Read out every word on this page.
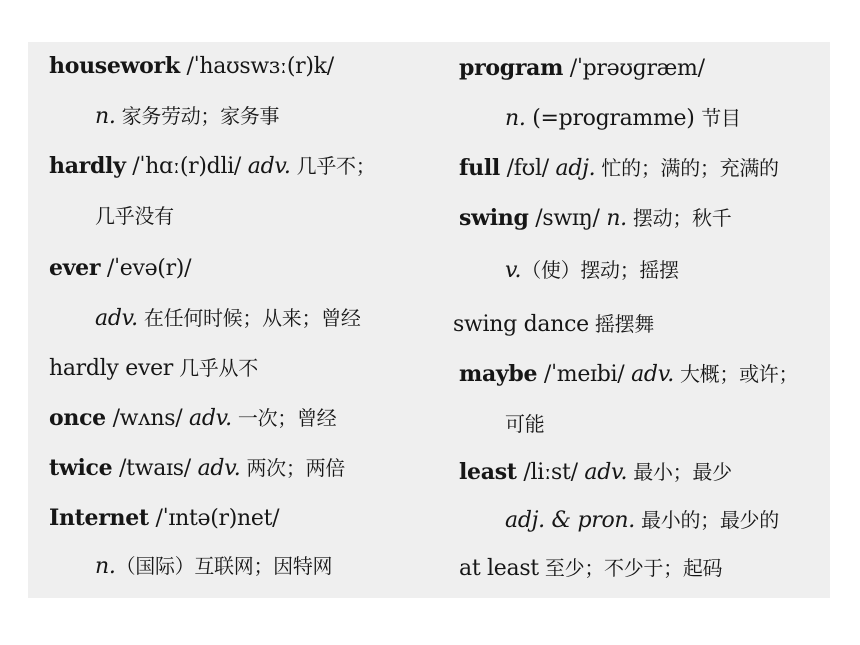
housework /ˈhaʊswɜː(r)k/
n. 家务劳动；家务事
hardly /ˈhɑː(r)dli/ adv. 几乎不；
几乎没有
ever /ˈevə(r)/
adv. 在任何时候；从来；曾经
hardly ever 几乎从不
once /wʌns/ adv. 一次；曾经
twice /twaɪs/ adv. 两次；两倍
Internet /ˈɪntə(r)net/
n.（国际）互联网；因特网
program /ˈprəʊɡræm/
n. (=programme) 节目
full /fʊl/ adj. 忙的；满的；充满的
swing /swɪŋ/ n. 摆动；秋千
v.（使）摆动；摇摆
swing dance 摇摆舞
maybe /ˈmeɪbi/ adv. 大概；或许；
可能
least /liːst/ adv. 最小；最少
adj. & pron. 最小的；最少的
at least 至少；不少于；起码
